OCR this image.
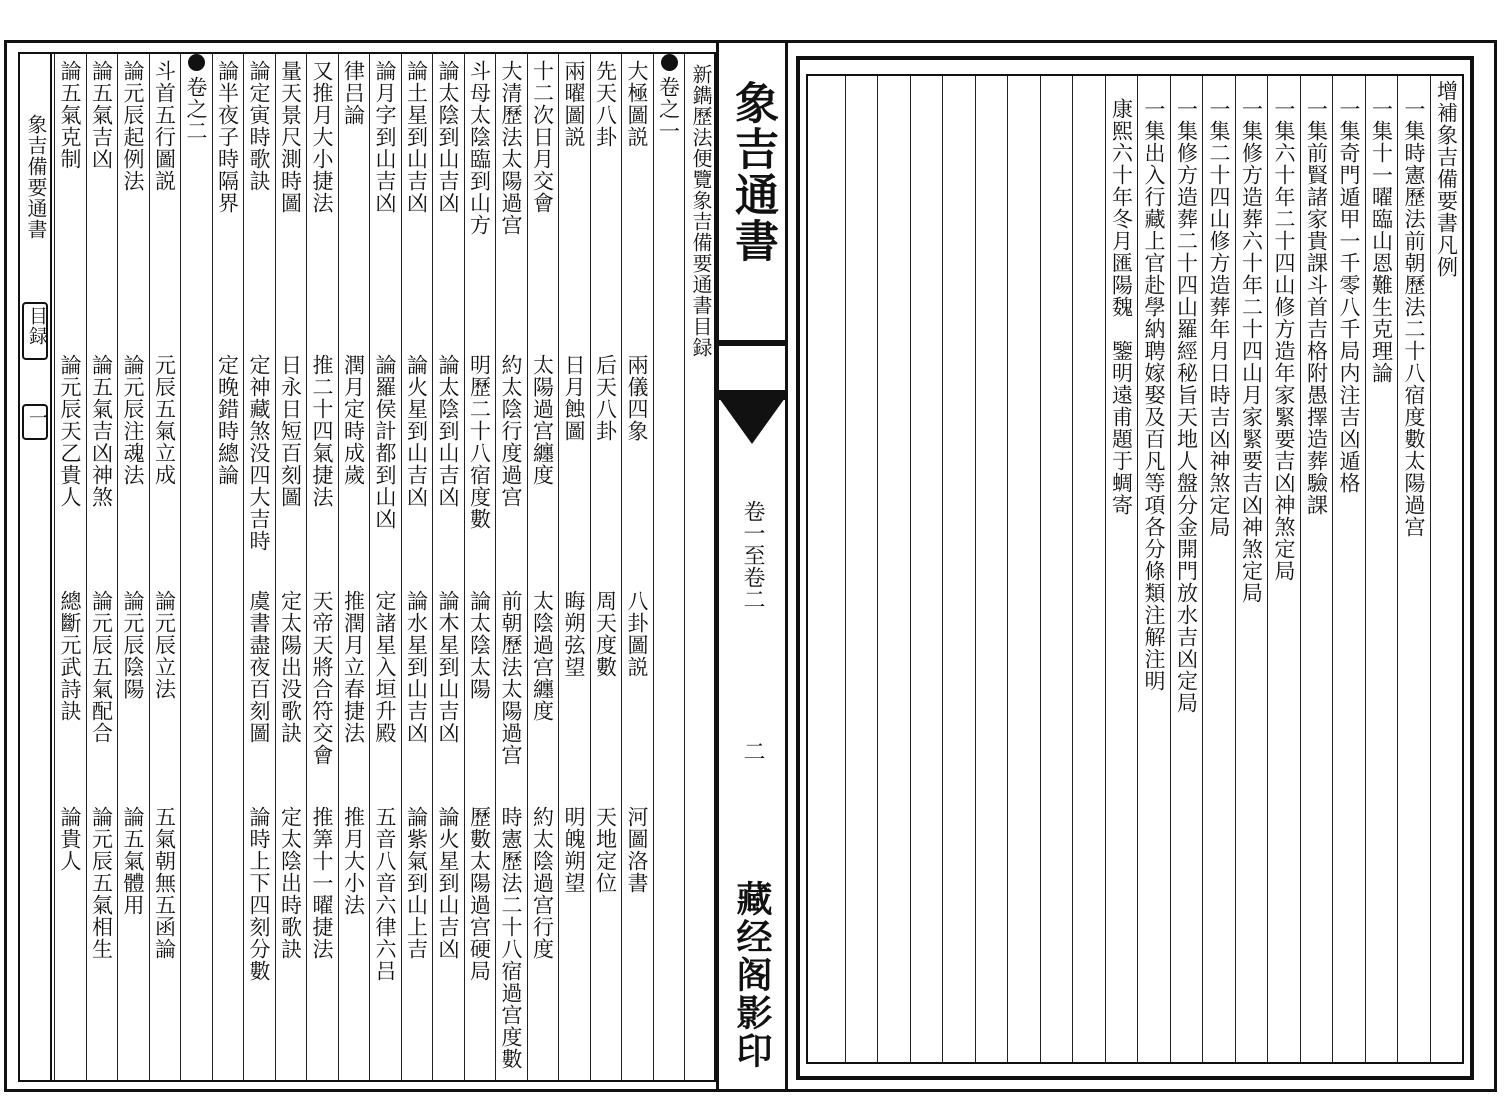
象吉備要通書
目録
一
卷之一
大極圖説
兩儀四象
八卦圖説
河圖洛書
先天八卦
后天八卦
周天度數
天地定位
兩曜圖説
日月蝕圖
晦朔弦望
明魄朔望
十二次日月交會
太陽過宫纏度
太陰過宫纏度
約太陰過宫行度
大清歷法太陽過宫
約太陰行度過宫
前朝歷法太陽過宫
時憲歷法二十八宿過宫度數
斗母太陰臨到山方
明歷二十八宿度數
論太陰太陽
歷數太陽過宫硬局
論太陰到山吉凶
論太陰到山吉凶
論木星到山吉凶
論火星到山吉凶
論土星到山吉凶
論火星到山吉凶
論水星到山吉凶
論紫氣到山上吉
論月字到山吉凶
論羅侯計都到山凶
定諸星入垣升殿
五音八音六律六吕
律吕論
潤月定時成歲
推潤月立春捷法
推月大小法
又推月大小捷法
推二十四氣捷法
天帝天將合符交會
推筭十一曜捷法
量天景尺測時圖
日永日短百刻圖
定太陽出没歌訣
定太陰出時歌訣
論定寅時歌訣
定神藏煞没四大吉時
虞書盡夜百刻圖
論時上下四刻分數
論半夜子時隔界
定晚錯時總論
卷之二
斗首五行圖説
元辰五氣立成
論元辰立法
五氣朝無五函論
論元辰起例法
論元辰注魂法
論元辰陰陽
論五氣體用
論五氣吉凶
論五氣吉凶神煞
論元辰五氣配合
論元辰五氣相生
論五氣克制
論元辰天乙貴人
總斷元武詩訣
論貴人
新鐫歷法便覽象吉備要通書目録 象吉通書
卷一至卷二
二
藏经阁影印
增補象吉備要書凡例
一集時憲歷法前朝歷法二十八宿度數太陽過宫
一集十一曜臨山恩難生克理論
一集奇門遁甲一千零八千局内注吉凶遁格
一集前賢諸家貴課斗首吉格附愚擇造葬驗課
一集六十年二十四山修方造年家緊要吉凶神煞定局
一集修方造葬六十年二十四山月家緊要吉凶神煞定局
一集二十四山修方造葬年月日時吉凶神煞定局
一集修方造葬二十四山羅經秘旨天地人盤分金開門放水吉凶定局
一集出入行藏上官赴學納聘嫁娶及百凡等項各分條類注解注明
康熙六十年冬月匯陽魏　鑒明遠甫題于蜩寄
